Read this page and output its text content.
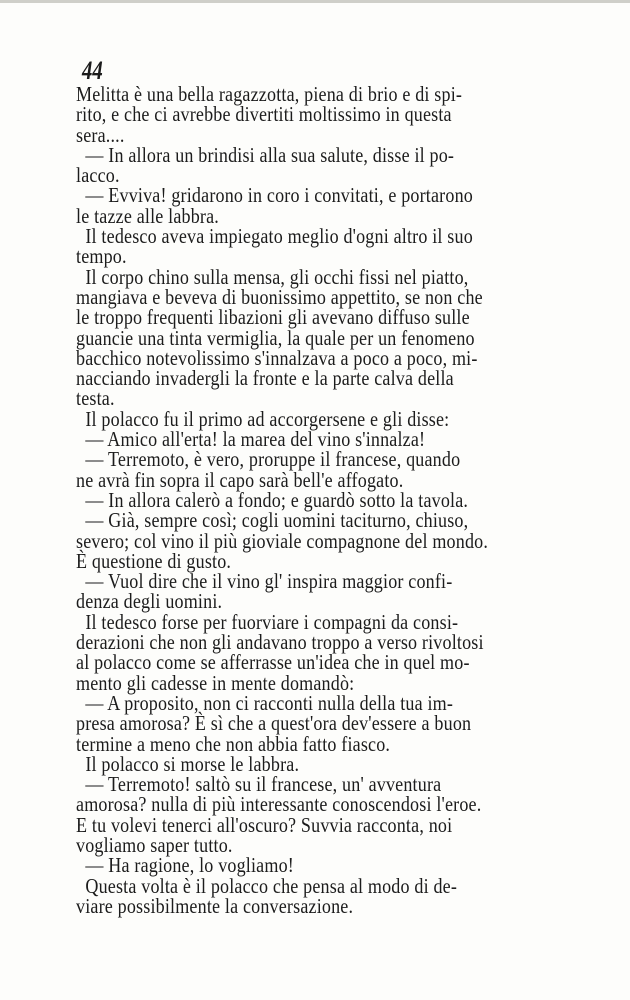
44
Melitta è una bella ragazzotta, piena di brio e di spi-
rito, e che ci avrebbe divertiti moltissimo in questa
sera....
— In allora un brindisi alla sua salute, disse il po-
lacco.
— Evviva! gridarono in coro i convitati, e portarono
le tazze alle labbra.
Il tedesco aveva impiegato meglio d'ogni altro il suo
tempo.
Il corpo chino sulla mensa, gli occhi fissi nel piatto,
mangiava e beveva di buonissimo appettito, se non che
le troppo frequenti libazioni gli avevano diffuso sulle
guancie una tinta vermiglia, la quale per un fenomeno
bacchico notevolissimo s'innalzava a poco a poco, mi-
nacciando invadergli la fronte e la parte calva della
testa.
Il polacco fu il primo ad accorgersene e gli disse:
— Amico all'erta! la marea del vino s'innalza!
— Terremoto, è vero, proruppe il francese, quando
ne avrà fin sopra il capo sarà bell'e affogato.
— In allora calerò a fondo; e guardò sotto la tavola.
— Già, sempre così; cogli uomini taciturno, chiuso,
severo; col vino il più gioviale compagnone del mondo.
È questione di gusto.
— Vuol dire che il vino gl' inspira maggior confi-
denza degli uomini.
Il tedesco forse per fuorviare i compagni da consi-
derazioni che non gli andavano troppo a verso rivoltosi
al polacco come se afferrasse un'idea che in quel mo-
mento gli cadesse in mente domandò:
— A proposito, non ci racconti nulla della tua im-
presa amorosa? È sì che a quest'ora dev'essere a buon
termine a meno che non abbia fatto fiasco.
Il polacco si morse le labbra.
— Terremoto! saltò su il francese, un' avventura
amorosa? nulla di più interessante conoscendosi l'eroe.
E tu volevi tenerci all'oscuro? Suvvia racconta, noi
vogliamo saper tutto.
— Ha ragione, lo vogliamo!
Questa volta è il polacco che pensa al modo di de-
viare possibilmente la conversazione.
